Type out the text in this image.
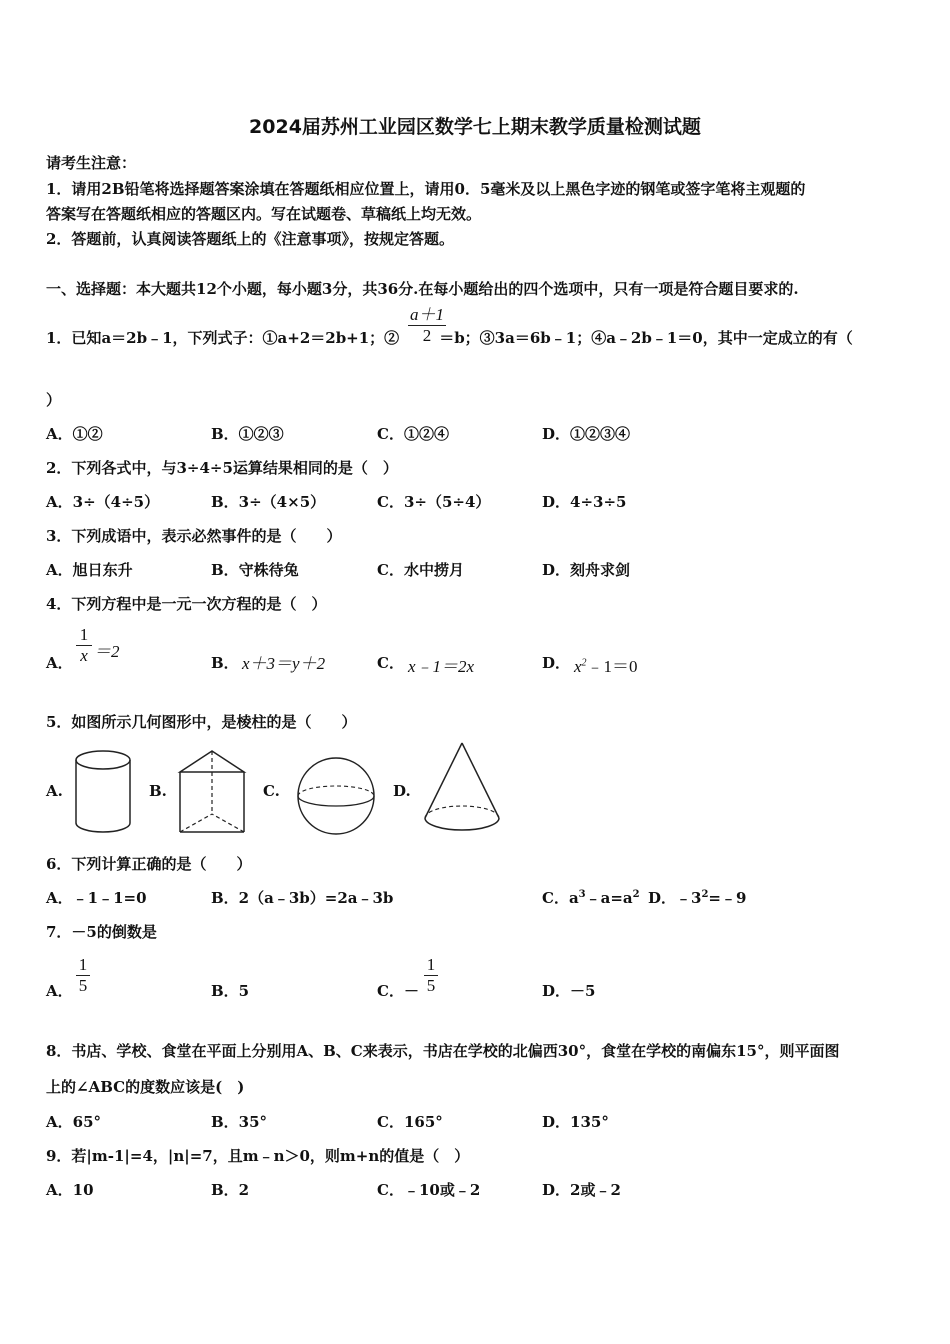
2024届苏州工业园区数学七上期末教学质量检测试题
请考生注意：
1．请用2B铅笔将选择题答案涂填在答题纸相应位置上，请用0．5毫米及以上黑色字迹的钢笔或签字笔将主观题的
答案写在答题纸相应的答题区内。写在试题卷、草稿纸上均无效。
2．答题前，认真阅读答题纸上的《注意事项》，按规定答题。
一、选择题：本大题共12个小题，每小题3分，共36分.在每小题给出的四个选项中，只有一项是符合题目要求的.
1．已知a＝2b﹣1，下列式子：①a+2＝2b+1；②	＝b；③3a＝6b﹣1；④a﹣2b﹣1＝0，其中一定成立的有（
a＋1
2
）
A．①②	B．①②③	C．①②④	D．①②③④
2．下列各式中，与3÷4÷5运算结果相同的是（　）
A．3÷（4÷5）	B．3÷（4×5）	C．3÷（5÷4）	D．4÷3÷5
3．下列成语中，表示必然事件的是（　　）
A．旭日东升	B．守株待兔	C．水中捞月	D．刻舟求剑
4．下列方程中是一元一次方程的是（　）
A．
1
x ＝2
B． x＋3＝y＋2	C． x﹣1＝2x	D． $x^2﹣1=0$
5．如图所示几何图形中，是棱柱的是（　　）
A.	B.	C.	D.
6．下列计算正确的是（　　）
A．﹣1﹣1=0	B．2（a﹣3b）=2a﹣3b	C．$a^3﹣a=a^2$ D．$﹣3^2=﹣9$
7．－5的倒数是
A．
1
5	B．5	C．－
1
5	D．－5
8．书店、学校、食堂在平面上分别用A、B、C来表示，书店在学校的北偏西30°，食堂在学校的南偏东15°，则平面图
上的∠ABC的度数应该是(　)
A．65°	B．35°	C．165°	D．135°
9．若|m-1|=4，|n|=7，且m﹣n＞0，则m+n的值是（　）
A．10	B．2	C．﹣10或﹣2	D．2或﹣2
